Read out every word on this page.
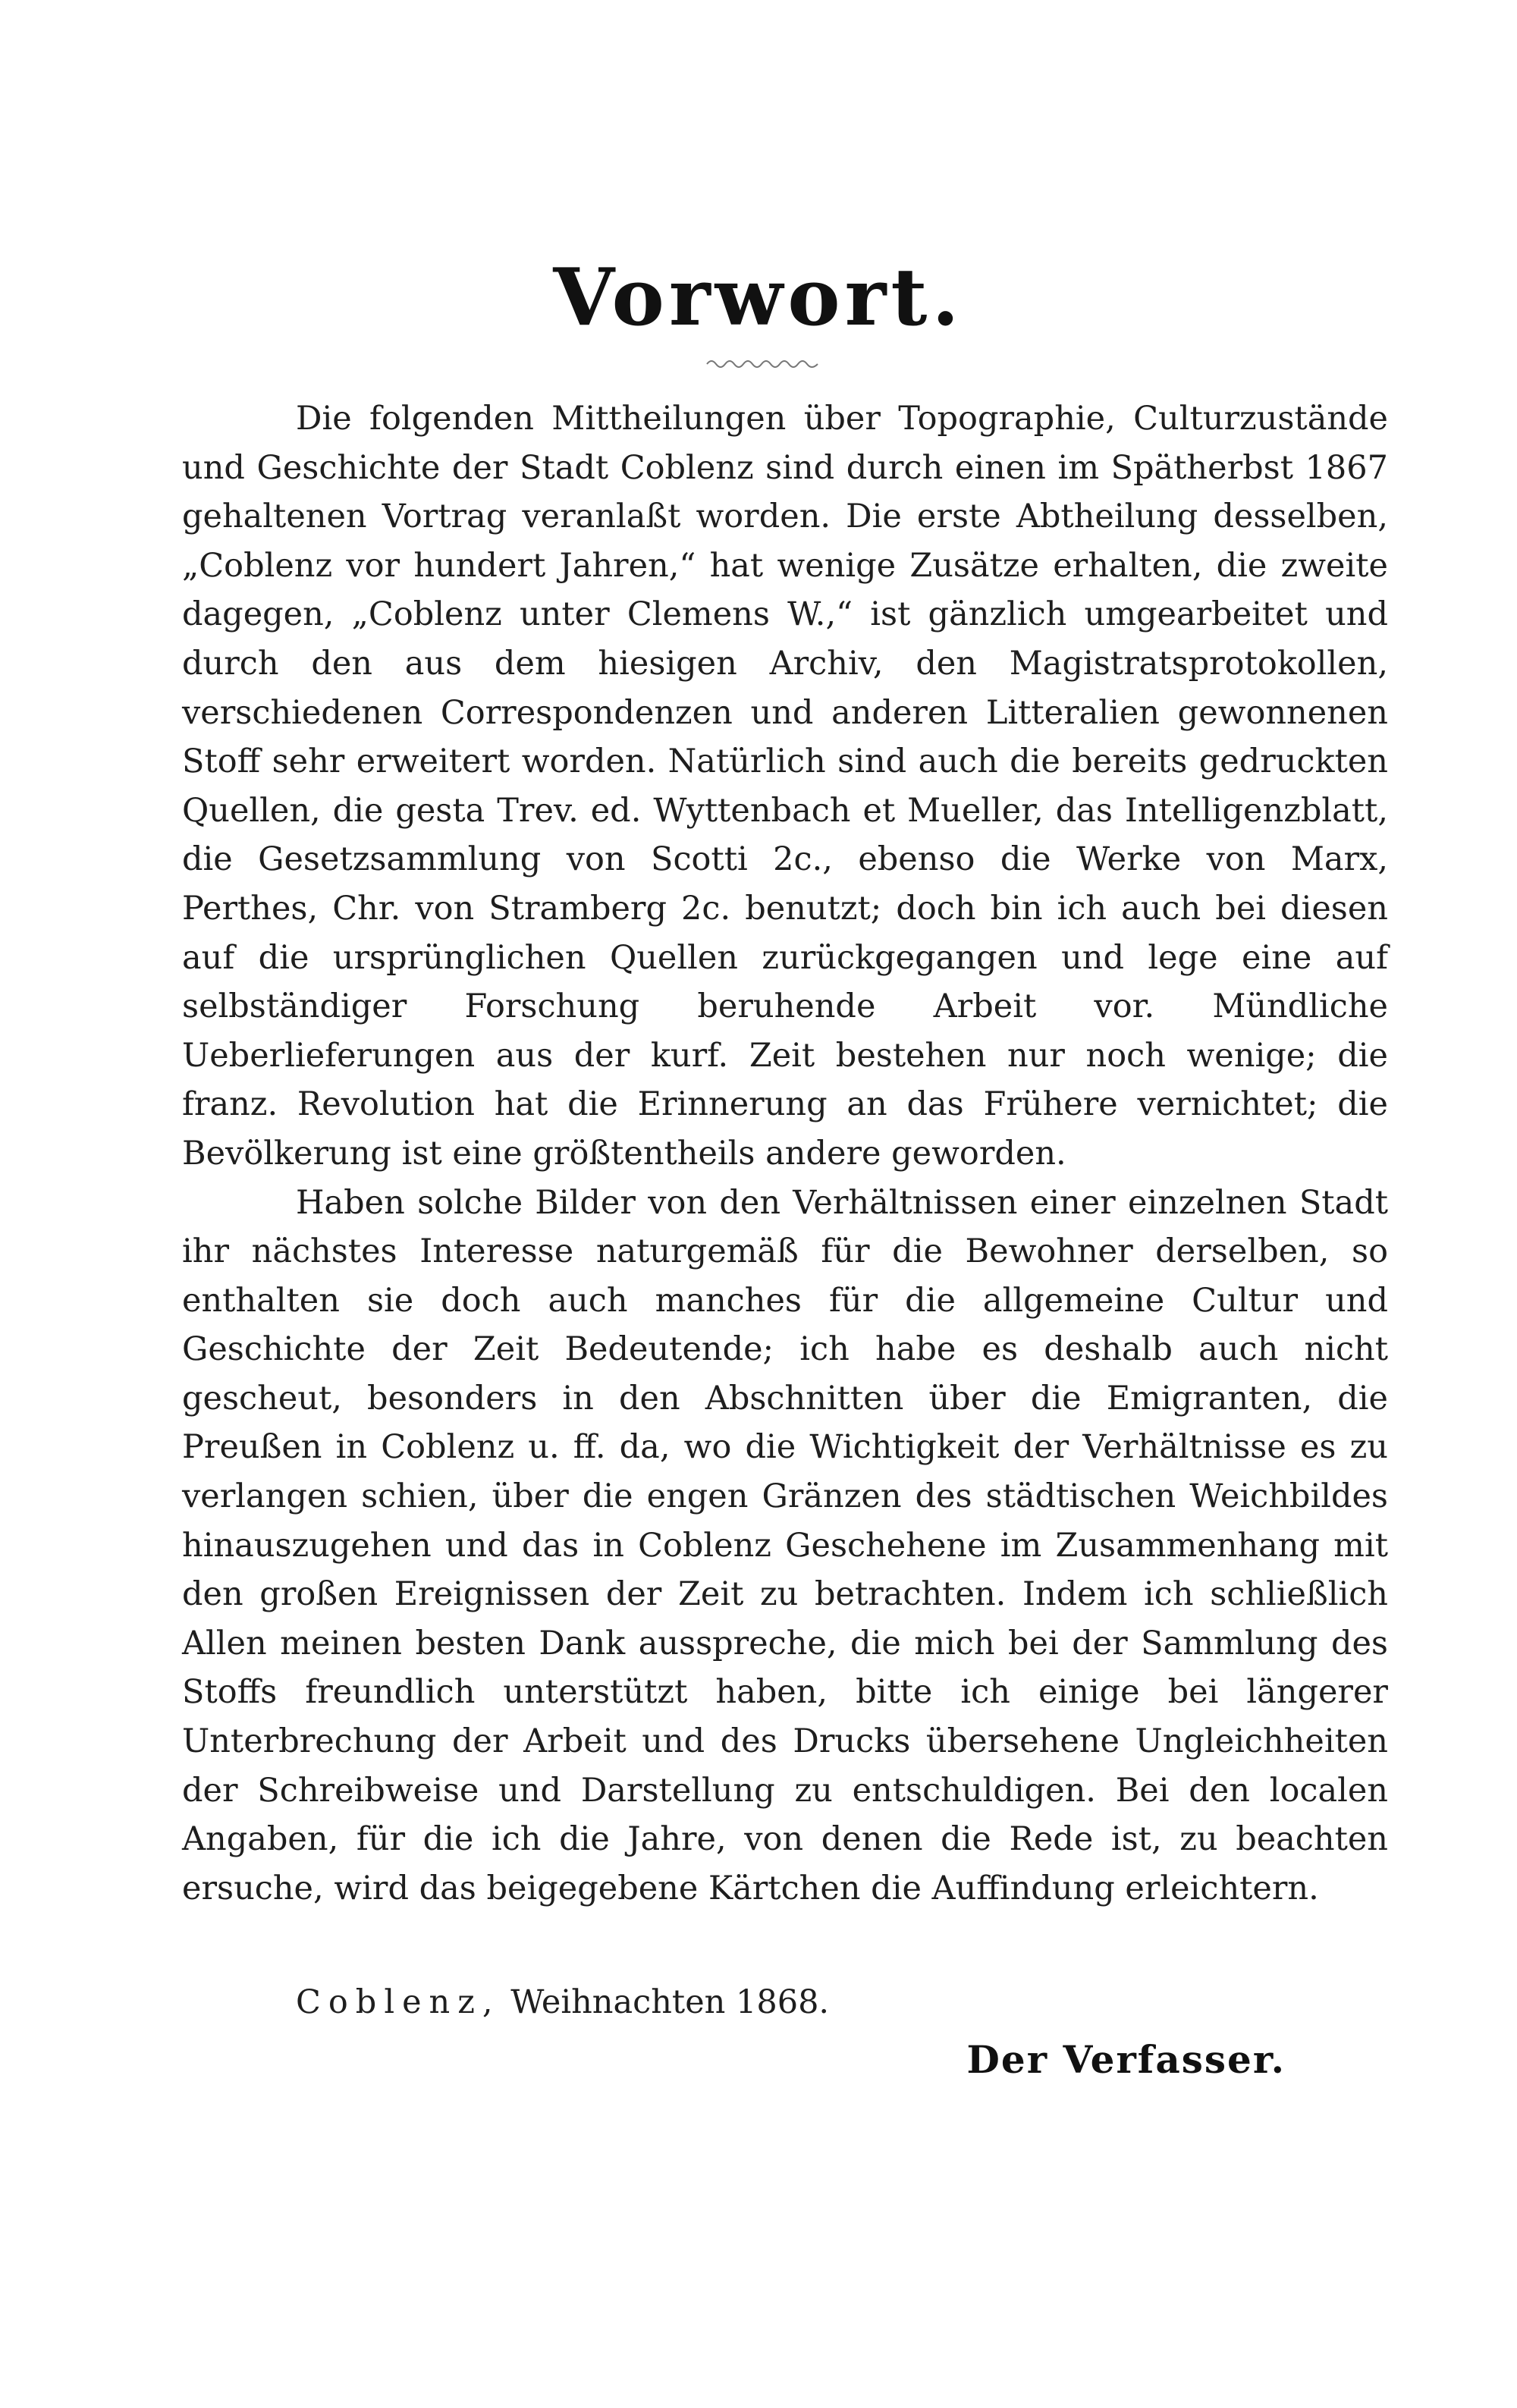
Vorwort.

Die folgenden Mittheilungen über Topographie, Culturzustände und Geschichte der Stadt Coblenz sind durch einen im Spätherbst 1867 gehaltenen Vortrag veranlaßt worden. Die erste Abtheilung desselben, „Coblenz vor hundert Jahren,“ hat wenige Zusätze erhalten, die zweite dagegen, „Coblenz unter Clemens W.,“ ist gänzlich umgearbeitet und durch den aus dem hiesigen Archiv, den Magistratsprotokollen, verschiedenen Correspondenzen und anderen Litteralien gewonnenen Stoff sehr erweitert worden. Natürlich sind auch die bereits gedruckten Quellen, die gesta Trev. ed. Wyttenbach et Mueller, das Intelligenzblatt, die Gesetzsammlung von Scotti 2c., ebenso die Werke von Marx, Perthes, Chr. von Stramberg 2c. benutzt; doch bin ich auch bei diesen auf die ursprünglichen Quellen zurückgegangen und lege eine auf selbständiger Forschung beruhende Arbeit vor. Mündliche Ueberlieferungen aus der kurf. Zeit bestehen nur noch wenige; die franz. Revolution hat die Erinnerung an das Frühere vernichtet; die Bevölkerung ist eine größtentheils andere geworden.

Haben solche Bilder von den Verhältnissen einer einzelnen Stadt ihr nächstes Interesse naturgemäß für die Bewohner derselben, so enthalten sie doch auch manches für die allgemeine Cultur und Geschichte der Zeit Bedeutende; ich habe es deshalb auch nicht gescheut, besonders in den Abschnitten über die Emigranten, die Preußen in Coblenz u. ff. da, wo die Wichtigkeit der Verhältnisse es zu verlangen schien, über die engen Gränzen des städtischen Weichbildes hinauszugehen und das in Coblenz Geschehene im Zusammenhang mit den großen Ereignissen der Zeit zu betrachten. Indem ich schließlich Allen meinen besten Dank ausspreche, die mich bei der Sammlung des Stoffs freundlich unterstützt haben, bitte ich einige bei längerer Unterbrechung der Arbeit und des Drucks übersehene Ungleichheiten der Schreibweise und Darstellung zu entschuldigen. Bei den localen Angaben, für die ich die Jahre, von denen die Rede ist, zu beachten ersuche, wird das beigegebene Kärtchen die Auffindung erleichtern.

Coblenz, Weihnachten 1868.
Der Verfasser.
